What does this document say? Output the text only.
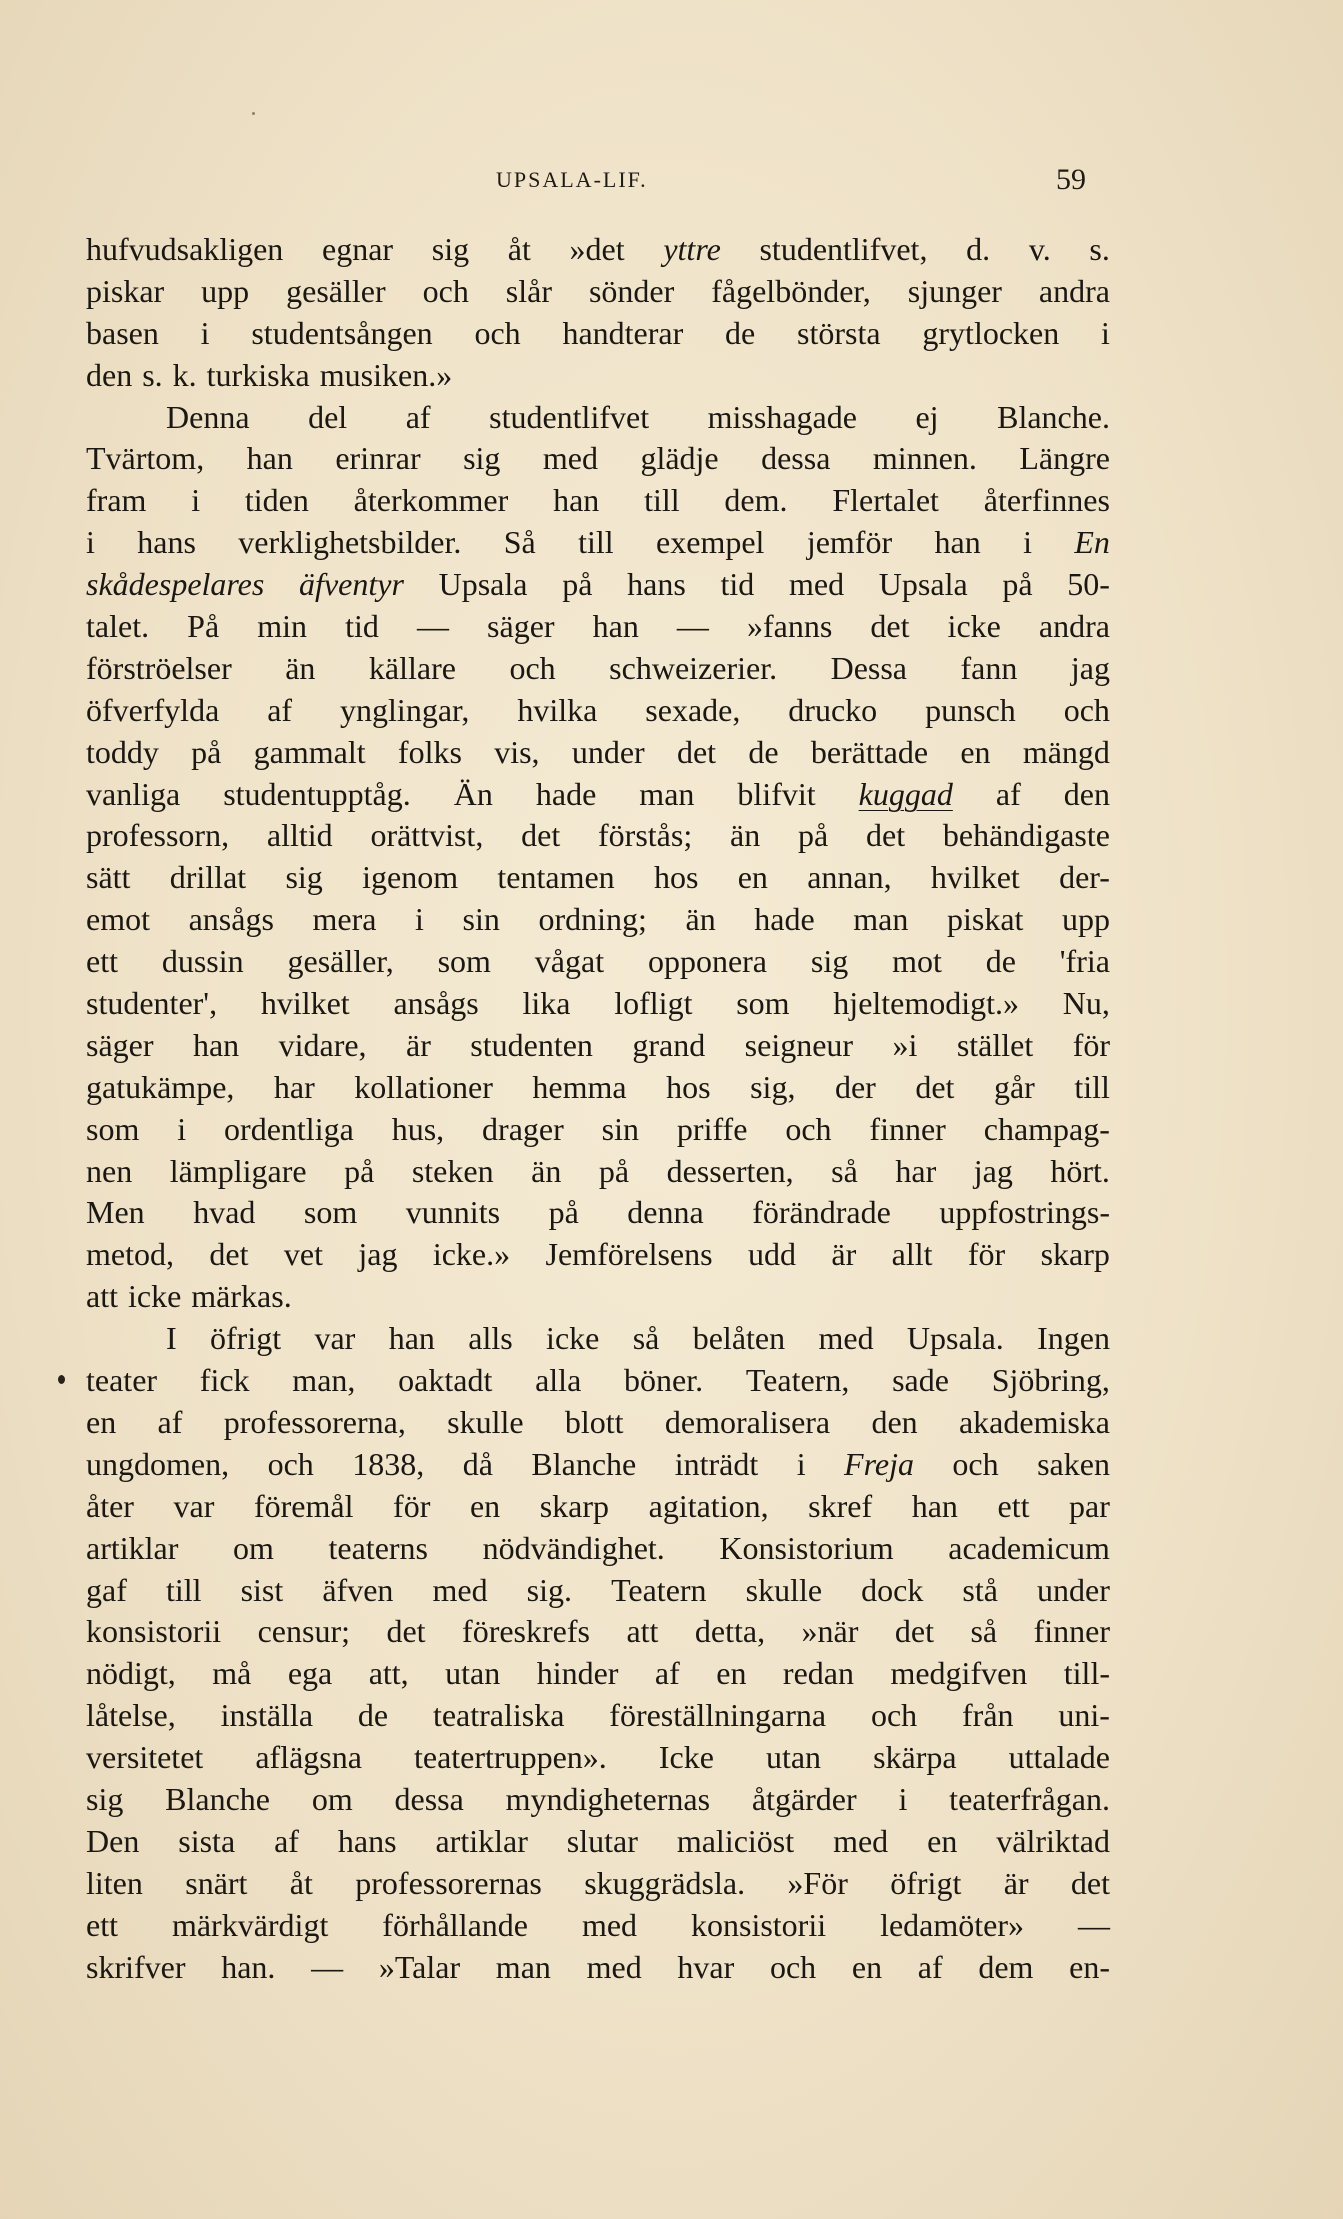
UPSALA-LIF.	59
hufvudsakligen egnar sig åt »det yttre studentlifvet, d. v. s.
piskar upp gesäller och slår sönder fågelbönder, sjunger andra
basen i studentsången och handterar de största grytlocken i
den s. k. turkiska musiken.»
Denna del af studentlifvet misshagade ej Blanche.
Tvärtom, han erinrar sig med glädje dessa minnen. Längre
fram i tiden återkommer han till dem. Flertalet återfinnes
i hans verklighetsbilder. Så till exempel jemför han i En
skådespelares äfventyr Upsala på hans tid med Upsala på 50-
talet. På min tid — säger han — »fanns det icke andra
förströelser än källare och schweizerier. Dessa fann jag
öfverfylda af ynglingar, hvilka sexade, drucko punsch och
toddy på gammalt folks vis, under det de berättade en mängd
vanliga studentupptåg. Än hade man blifvit kuggad af den
professorn, alltid orättvist, det förstås; än på det behändigaste
sätt drillat sig igenom tentamen hos en annan, hvilket der-
emot ansågs mera i sin ordning; än hade man piskat upp
ett dussin gesäller, som vågat opponera sig mot de 'fria
studenter', hvilket ansågs lika lofligt som hjeltemodigt.» Nu,
säger han vidare, är studenten grand seigneur »i stället för
gatukämpe, har kollationer hemma hos sig, der det går till
som i ordentliga hus, drager sin priffe och finner champag-
nen lämpligare på steken än på desserten, så har jag hört.
Men hvad som vunnits på denna förändrade uppfostrings-
metod, det vet jag icke.» Jemförelsens udd är allt för skarp
att icke märkas.
I öfrigt var han alls icke så belåten med Upsala. Ingen
teater fick man, oaktadt alla böner. Teatern, sade Sjöbring,
en af professorerna, skulle blott demoralisera den akademiska
ungdomen, och 1838, då Blanche inträdt i Freja och saken
åter var föremål för en skarp agitation, skref han ett par
artiklar om teaterns nödvändighet. Konsistorium academicum
gaf till sist äfven med sig. Teatern skulle dock stå under
konsistorii censur; det föreskrefs att detta, »när det så finner
nödigt, må ega att, utan hinder af en redan medgifven till-
låtelse, inställa de teatraliska föreställningarna och från uni-
versitetet aflägsna teatertruppen». Icke utan skärpa uttalade
sig Blanche om dessa myndigheternas åtgärder i teaterfrågan.
Den sista af hans artiklar slutar maliciöst med en välriktad
liten snärt åt professorernas skuggrädsla. »För öfrigt är det
ett märkvärdigt förhållande med konsistorii ledamöter» —
skrifver han. — »Talar man med hvar och en af dem en-
